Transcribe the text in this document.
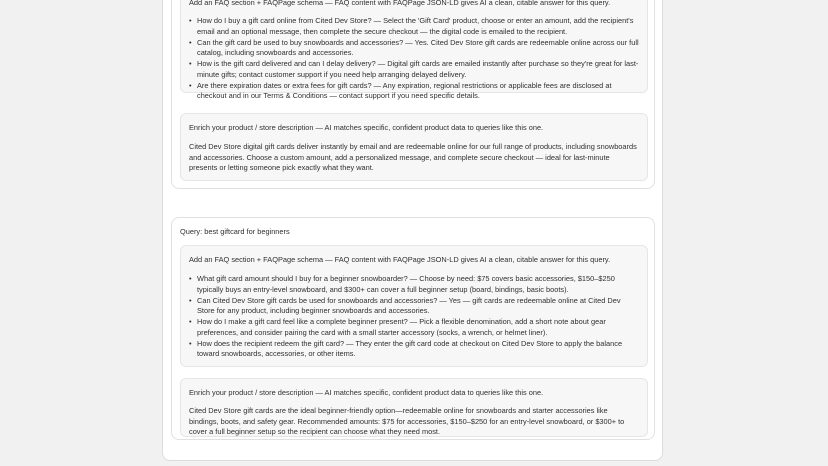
Add an FAQ section + FAQPage schema — FAQ content with FAQPage JSON-LD gives AI a clean, citable answer for this query.
• How do I buy a gift card online from Cited Dev Store? — Select the 'Gift Card' product, choose or enter an amount, add the recipient's email and an optional message, then complete the secure checkout — the digital code is emailed to the recipient.
• Can the gift card be used to buy snowboards and accessories? — Yes. Cited Dev Store gift cards are redeemable online across our full catalog, including snowboards and accessories.
• How is the gift card delivered and can I delay delivery? — Digital gift cards are emailed instantly after purchase so they're great for last-minute gifts; contact customer support if you need help arranging delayed delivery.
• Are there expiration dates or extra fees for gift cards? — Any expiration, regional restrictions or applicable fees are disclosed at checkout and in our Terms & Conditions — contact support if you need specific details.
Enrich your product / store description — AI matches specific, confident product data to queries like this one.
Cited Dev Store digital gift cards deliver instantly by email and are redeemable online for our full range of products, including snowboards and accessories. Choose a custom amount, add a personalized message, and complete secure checkout — ideal for last-minute presents or letting someone pick exactly what they want.
Query: best giftcard for beginners
Add an FAQ section + FAQPage schema — FAQ content with FAQPage JSON-LD gives AI a clean, citable answer for this query.
• What gift card amount should I buy for a beginner snowboarder? — Choose by need: $75 covers basic accessories, $150–$250 typically buys an entry-level snowboard, and $300+ can cover a full beginner setup (board, bindings, basic boots).
• Can Cited Dev Store gift cards be used for snowboards and accessories? — Yes — gift cards are redeemable online at Cited Dev Store for any product, including beginner snowboards and accessories.
• How do I make a gift card feel like a complete beginner present? — Pick a flexible denomination, add a short note about gear preferences, and consider pairing the card with a small starter accessory (socks, a wrench, or helmet liner).
• How does the recipient redeem the gift card? — They enter the gift card code at checkout on Cited Dev Store to apply the balance toward snowboards, accessories, or other items.
Enrich your product / store description — AI matches specific, confident product data to queries like this one.
Cited Dev Store gift cards are the ideal beginner-friendly option—redeemable online for snowboards and starter accessories like bindings, boots, and safety gear. Recommended amounts: $75 for accessories, $150–$250 for an entry-level snowboard, or $300+ to cover a full beginner setup so the recipient can choose what they need most.
